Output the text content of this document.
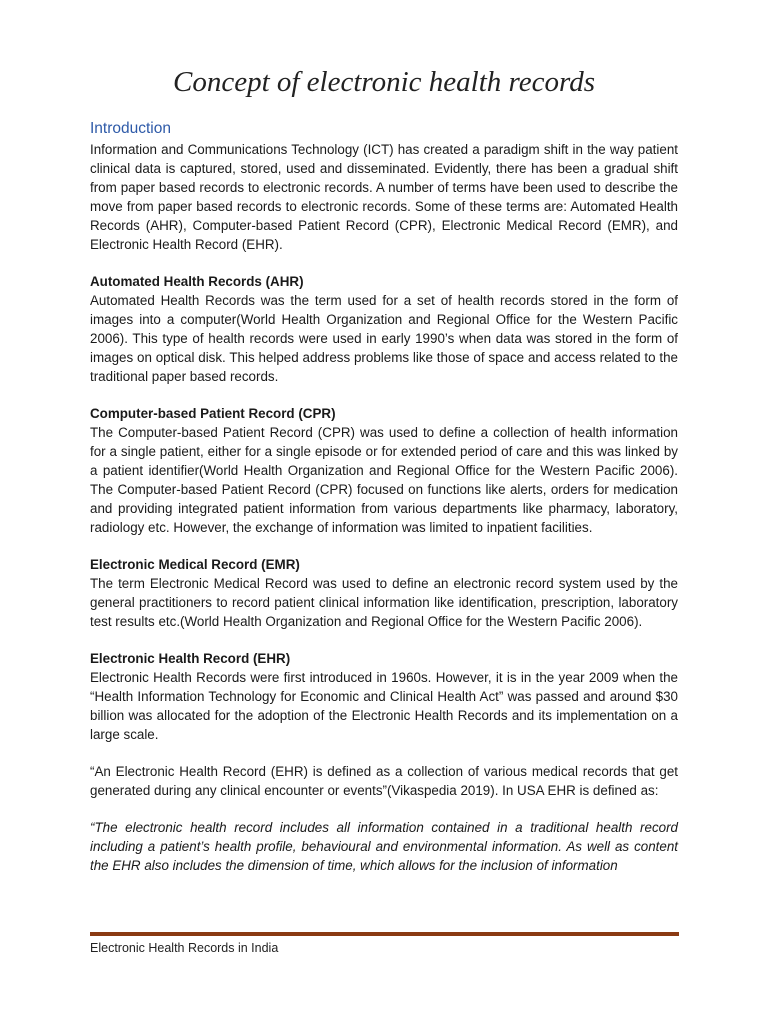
Concept of electronic health records
Introduction

Information and Communications Technology (ICT) has created a paradigm shift in the way patient clinical data is captured, stored, used and disseminated. Evidently, there has been a gradual shift from paper based records to electronic records. A number of terms have been used to describe the move from paper based records to electronic records. Some of these terms are: Automated Health Records (AHR), Computer-based Patient Record (CPR), Electronic Medical Record (EMR), and Electronic Health Record (EHR).

Automated Health Records (AHR)

Automated Health Records was the term used for a set of health records stored in the form of images into a computer(World Health Organization and Regional Office for the Western Pacific 2006). This type of health records were used in early 1990’s when data was stored in the form of images on optical disk. This helped address problems like those of space and access related to the traditional paper based records.

Computer-based Patient Record (CPR)

The Computer-based Patient Record (CPR) was used to define a collection of health information for a single patient, either for a single episode or for extended period of care and this was linked by a patient identifier(World Health Organization and Regional Office for the Western Pacific 2006). The Computer-based Patient Record (CPR) focused on functions like alerts, orders for medication and providing integrated patient information from various departments like pharmacy, laboratory, radiology etc. However, the exchange of information was limited to inpatient facilities.

Electronic Medical Record (EMR)

The term Electronic Medical Record was used to define an electronic record system used by the general practitioners to record patient clinical information like identification, prescription, laboratory test results etc.(World Health Organization and Regional Office for the Western Pacific 2006).

Electronic Health Record (EHR)

Electronic Health Records were first introduced in 1960s. However, it is in the year 2009 when the “Health Information Technology for Economic and Clinical Health Act” was passed and around $30 billion was allocated for the adoption of the Electronic Health Records and its implementation on a large scale.

“An Electronic Health Record (EHR) is defined as a collection of various medical records that get generated during any clinical encounter or events”(Vikaspedia 2019). In USA EHR is defined as:

“The electronic health record includes all information contained in a traditional health record including a patient’s health profile, behavioural and environmental information. As well as content the EHR also includes the dimension of time, which allows for the inclusion of information

Electronic Health Records in India
